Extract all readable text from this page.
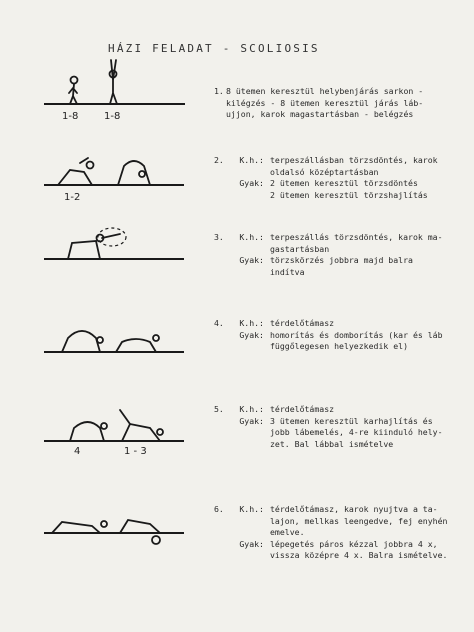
HÁZI FELADAT - SCOLIOSIS
1-8	1-8
1-2
4	1 - 3
1. 8 ütemen keresztül helybenjárás sarkon -
kilégzés - 8 ütemen keresztül járás láb-
ujjon, karok magastartásban - belégzés
2.	K.h.: terpeszállásban törzsdöntés, karok
oldalsó középtartásban
Gyak: 2 ütemen keresztül törzsdöntés
2 ütemen keresztül törzshajlítás
3.	K.h.: terpeszállás törzsdöntés, karok ma-
gastartásban
Gyak: törzskörzés jobbra majd balra indítva
4.	K.h.: térdelőtámasz
Gyak: homorítás és domborítás (kar és láb
függőlegesen helyezkedik el)
5.	K.h.: térdelőtámasz
Gyak: 3 ütemen keresztül karhajlítás és
jobb lábemelés, 4-re kiinduló hely-
zet. Bal lábbal ismételve
6.	K.h.: térdelőtámasz, karok nyujtva a ta-
lajon, mellkas leengedve, fej enyhén
emelve.
Gyak: lépegetés páros kézzal jobbra 4 x,
vissza középre 4 x. Balra ismételve.
